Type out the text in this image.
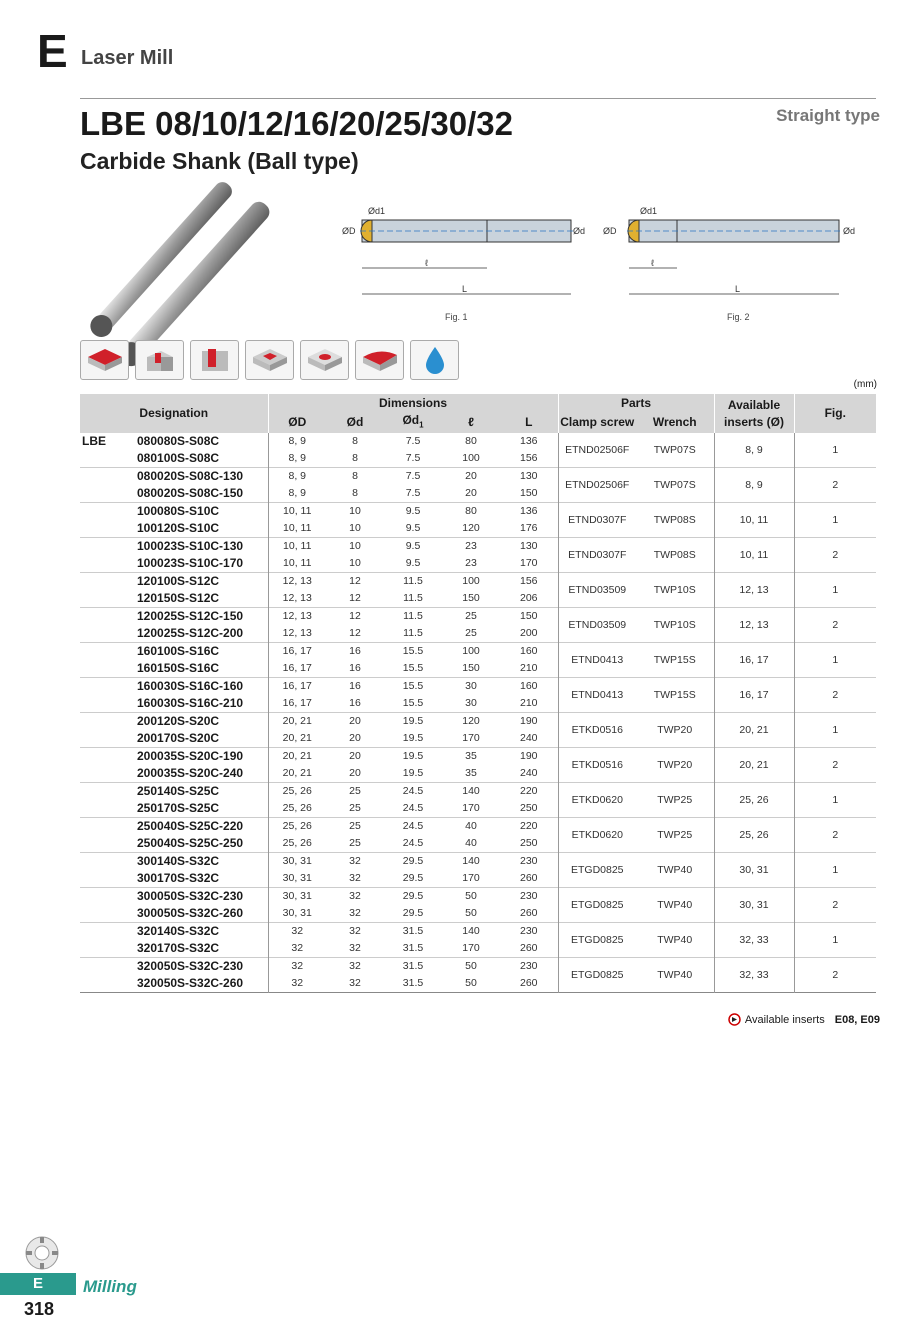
E Laser Mill
Straight type
LBE 08/10/12/16/20/25/30/32
Carbide Shank (Ball type)
ØD
Ød1
Ød
ℓ
L
Fig. 1
ØD
Ød1
Ød
ℓ
L
Fig. 2
(mm)
Designation		Dimensions					Parts		Available
inserts (Ø)	Fig.
		ØD	Ød	$Ød_1$	ℓ	L	Clamp screw	Wrench		
LBE	080080S-S08C	8, 9	8	7.5	80	136	ETND02506F	TWP07S	8, 9	1
	080100S-S08C	8, 9	8	7.5	100	156				
	080020S-S08C-130	8, 9	8	7.5	20	130	ETND02506F	TWP07S	8, 9	2
	080020S-S08C-150	8, 9	8	7.5	20	150				
	100080S-S10C	10, 11	10	9.5	80	136	ETND0307F	TWP08S	10, 11	1
	100120S-S10C	10, 11	10	9.5	120	176				
	100023S-S10C-130	10, 11	10	9.5	23	130	ETND0307F	TWP08S	10, 11	2
	100023S-S10C-170	10, 11	10	9.5	23	170				
	120100S-S12C	12, 13	12	11.5	100	156	ETND03509	TWP10S	12, 13	1
	120150S-S12C	12, 13	12	11.5	150	206				
	120025S-S12C-150	12, 13	12	11.5	25	150	ETND03509	TWP10S	12, 13	2
	120025S-S12C-200	12, 13	12	11.5	25	200				
	160100S-S16C	16, 17	16	15.5	100	160	ETND0413	TWP15S	16, 17	1
	160150S-S16C	16, 17	16	15.5	150	210				
	160030S-S16C-160	16, 17	16	15.5	30	160	ETND0413	TWP15S	16, 17	2
	160030S-S16C-210	16, 17	16	15.5	30	210				
	200120S-S20C	20, 21	20	19.5	120	190	ETKD0516	TWP20	20, 21	1
	200170S-S20C	20, 21	20	19.5	170	240				
	200035S-S20C-190	20, 21	20	19.5	35	190	ETKD0516	TWP20	20, 21	2
	200035S-S20C-240	20, 21	20	19.5	35	240				
	250140S-S25C	25, 26	25	24.5	140	220	ETKD0620	TWP25	25, 26	1
	250170S-S25C	25, 26	25	24.5	170	250				
	250040S-S25C-220	25, 26	25	24.5	40	220	ETKD0620	TWP25	25, 26	2
	250040S-S25C-250	25, 26	25	24.5	40	250				
	300140S-S32C	30, 31	32	29.5	140	230	ETGD0825	TWP40	30, 31	1
	300170S-S32C	30, 31	32	29.5	170	260				
	300050S-S32C-230	30, 31	32	29.5	50	230	ETGD0825	TWP40	30, 31	2
	300050S-S32C-260	30, 31	32	29.5	50	260				
	320140S-S32C	32	32	31.5	140	230	ETGD0825	TWP40	32, 33	1
	320170S-S32C	32	32	31.5	170	260				
	320050S-S32C-230	32	32	31.5	50	230	ETGD0825	TWP40	32, 33	2
	320050S-S32C-260	32	32	31.5	50	260				
Available inserts E08, E09
E	Milling
318
